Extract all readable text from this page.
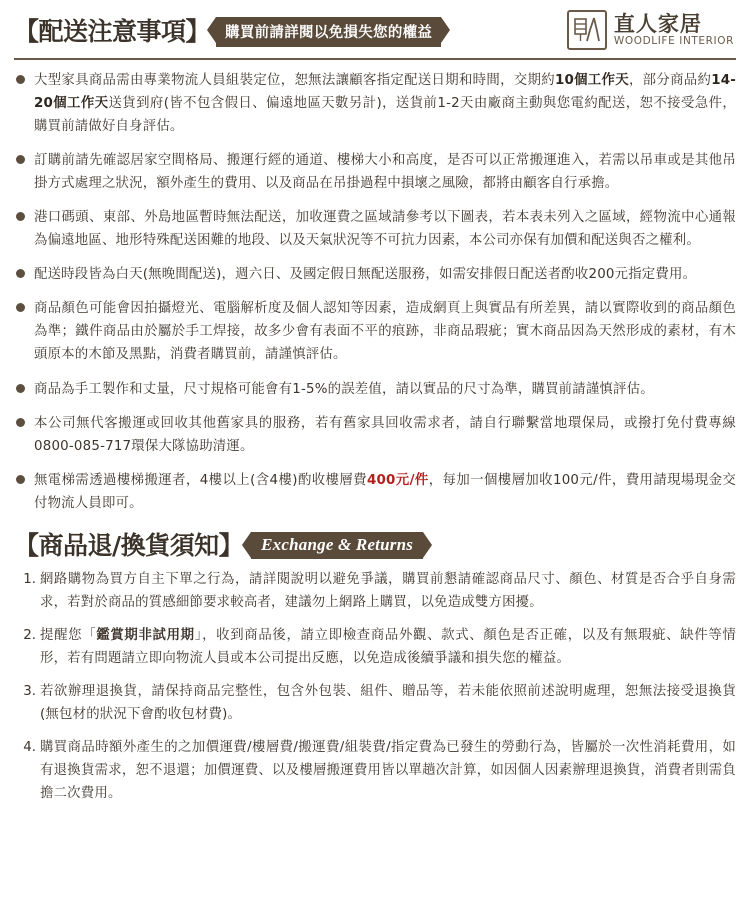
【配送注意事項】	購買前請詳閱以免損失您的權益	直人家居
WOODLIFE INTERIOR
大型家具商品需由專業物流人員組裝定位，恕無法讓顧客指定配送日期和時間，交期約10個工作天，部分商品約14-20個工作天送貨到府(皆不包含假日、偏遠地區天數另計)，送貨前1-2天由廠商主動與您電約配送，恕不接受急件，購買前請做好自身評估。
訂購前請先確認居家空間格局、搬運行經的通道、樓梯大小和高度，是否可以正常搬運進入，若需以吊車或是其他吊掛方式處理之狀況，額外產生的費用、以及商品在吊掛過程中損壞之風險，都將由顧客自行承擔。
港口碼頭、東部、外島地區暫時無法配送，加收運費之區域請參考以下圖表，若本表未列入之區域，經物流中心通報為偏遠地區、地形特殊配送困難的地段、以及天氣狀況等不可抗力因素，本公司亦保有加價和配送與否之權利。
配送時段皆為白天(無晚間配送)，週六日、及國定假日無配送服務，如需安排假日配送者酌收200元指定費用。
商品顏色可能會因拍攝燈光、電腦解析度及個人認知等因素，造成網頁上與實品有所差異，請以實際收到的商品顏色為準；鐵件商品由於屬於手工焊接，故多少會有表面不平的痕跡，非商品瑕疵；實木商品因為天然形成的素材，有木頭原本的木節及黑點，消費者購買前，請謹慎評估。
商品為手工製作和丈量，尺寸規格可能會有1-5%的誤差值，請以實品的尺寸為準，購買前請謹慎評估。
本公司無代客搬運或回收其他舊家具的服務，若有舊家具回收需求者，請自行聯繫當地環保局，或撥打免付費專線0800-085-717環保大隊協助清運。
無電梯需透過樓梯搬運者，4樓以上(含4樓)酌收樓層費400元/件，每加一個樓層加收100元/件，費用請現場現金交付物流人員即可。
【商品退/換貨須知】	Exchange & Returns
1. 網路購物為買方自主下單之行為，請詳閱說明以避免爭議，購買前懇請確認商品尺寸、顏色、材質是否合乎自身需求，若對於商品的質感細節要求較高者，建議勿上網路上購買，以免造成雙方困擾。
2. 提醒您「鑑賞期非試用期」，收到商品後，請立即檢查商品外觀、款式、顏色是否正確，以及有無瑕疵、缺件等情形，若有問題請立即向物流人員或本公司提出反應，以免造成後續爭議和損失您的權益。
3. 若欲辦理退換貨，請保持商品完整性，包含外包裝、組件、贈品等，若未能依照前述說明處理，恕無法接受退換貨(無包材的狀況下會酌收包材費)。
4. 購買商品時額外產生的之加價運費/樓層費/搬運費/組裝費/指定費為已發生的勞動行為，皆屬於一次性消耗費用，如有退換貨需求，恕不退還；加價運費、以及樓層搬運費用皆以單趟次計算，如因個人因素辦理退換貨，消費者則需負擔二次費用。
